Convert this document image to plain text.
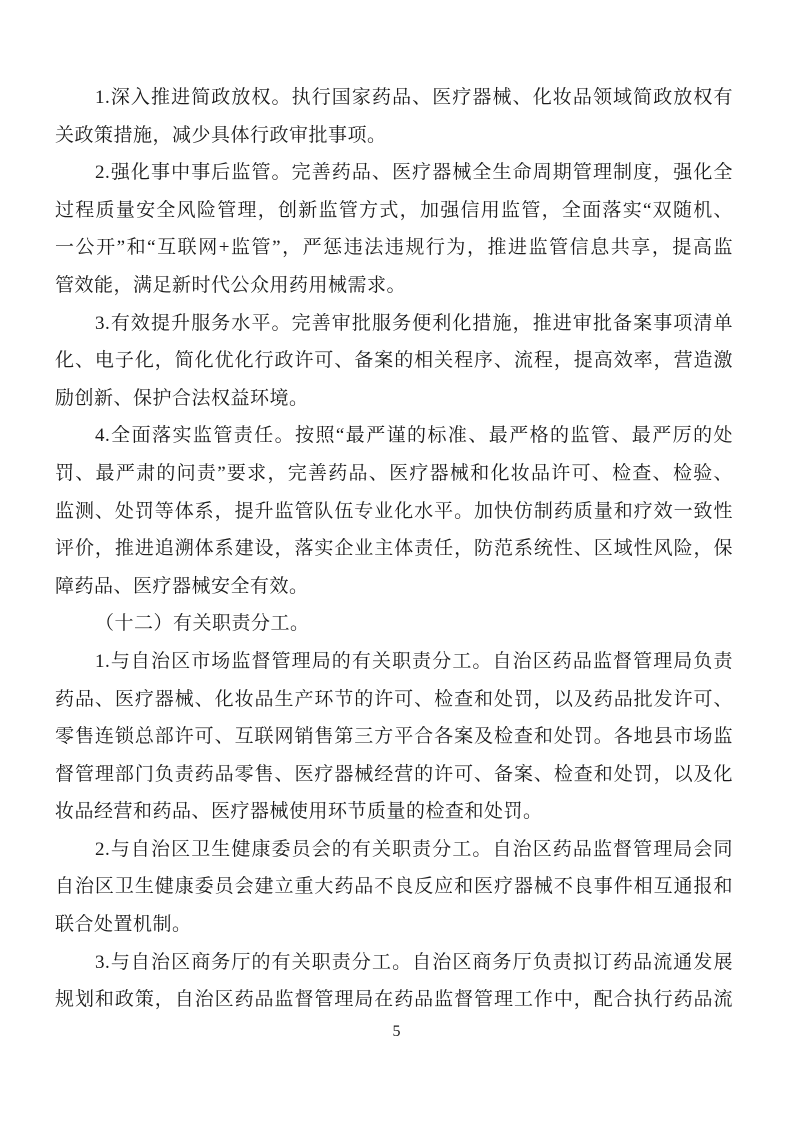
1.深入推进简政放权。执行国家药品、医疗器械、化妆品领域简政放权有
关政策措施，减少具体行政审批事项。
2.强化事中事后监管。完善药品、医疗器械全生命周期管理制度，强化全
过程质量安全风险管理，创新监管方式，加强信用监管，全面落实“双随机、
一公开”和“互联网+监管”，严惩违法违规行为，推进监管信息共享，提高监
管效能，满足新时代公众用药用械需求。
3.有效提升服务水平。完善审批服务便利化措施，推进审批备案事项清单
化、电子化，简化优化行政许可、备案的相关程序、流程，提高效率，营造激
励创新、保护合法权益环境。
4.全面落实监管责任。按照“最严谨的标准、最严格的监管、最严厉的处
罚、最严肃的问责”要求，完善药品、医疗器械和化妆品许可、检查、检验、
监测、处罚等体系，提升监管队伍专业化水平。加快仿制药质量和疗效一致性
评价，推进追溯体系建设，落实企业主体责任，防范系统性、区域性风险，保
障药品、医疗器械安全有效。
（十二）有关职责分工。
1.与自治区市场监督管理局的有关职责分工。自治区药品监督管理局负责
药品、医疗器械、化妆品生产环节的许可、检查和处罚，以及药品批发许可、
零售连锁总部许可、互联网销售第三方平合各案及检查和处罚。各地县市场监
督管理部门负责药品零售、医疗器械经营的许可、备案、检查和处罚，以及化
妆品经营和药品、医疗器械使用环节质量的检查和处罚。
2.与自治区卫生健康委员会的有关职责分工。自治区药品监督管理局会同
自治区卫生健康委员会建立重大药品不良反应和医疗器械不良事件相互通报和
联合处置机制。
3.与自治区商务厅的有关职责分工。自治区商务厅负责拟订药品流通发展
规划和政策，自治区药品监督管理局在药品监督管理工作中，配合执行药品流
5
